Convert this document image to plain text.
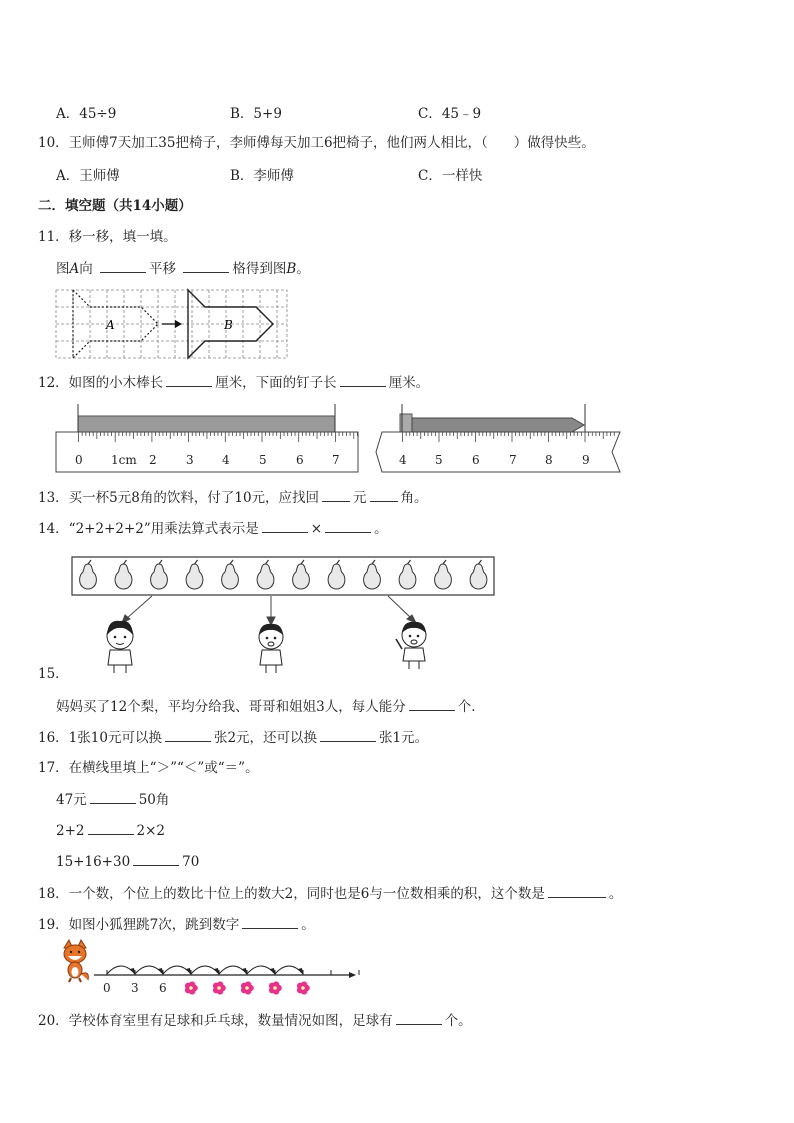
A．45÷9	B．5+9	C．45﹣9
10．王师傅7天加工35把椅子，李师傅每天加工6把椅子，他们两人相比，（ ）做得快些。
A．王师傅	B．李师傅	C．一样快
二．填空题（共14小题）
11．移一移，填一填。
图A向	平移	格得到图B。
A	B
12．如图的小木棒长	厘米，下面的钉子长	厘米。
0 1cm 2 3 4 5 6 7	4 5 6 7 8 9
13．买一杯5元8角的饮料，付了10元，应找回	元	角。
14．“2+2+2+2”用乘法算式表示是	×	。
15．
妈妈买了12个梨，平均分给我、哥哥和姐姐3人，每人能分	个.
16．1张10元可以换	张2元，还可以换	张1元。
17．在横线里填上“＞”“＜”或“＝”。
47元	50角
2+2	2×2
15+16+30	70
18．一个数，个位上的数比十位上的数大2，同时也是6与一位数相乘的积，这个数是	。
19．如图小狐狸跳7次，跳到数字	。
0 3 6
20．学校体育室里有足球和乒乓球，数量情况如图，足球有	个。
